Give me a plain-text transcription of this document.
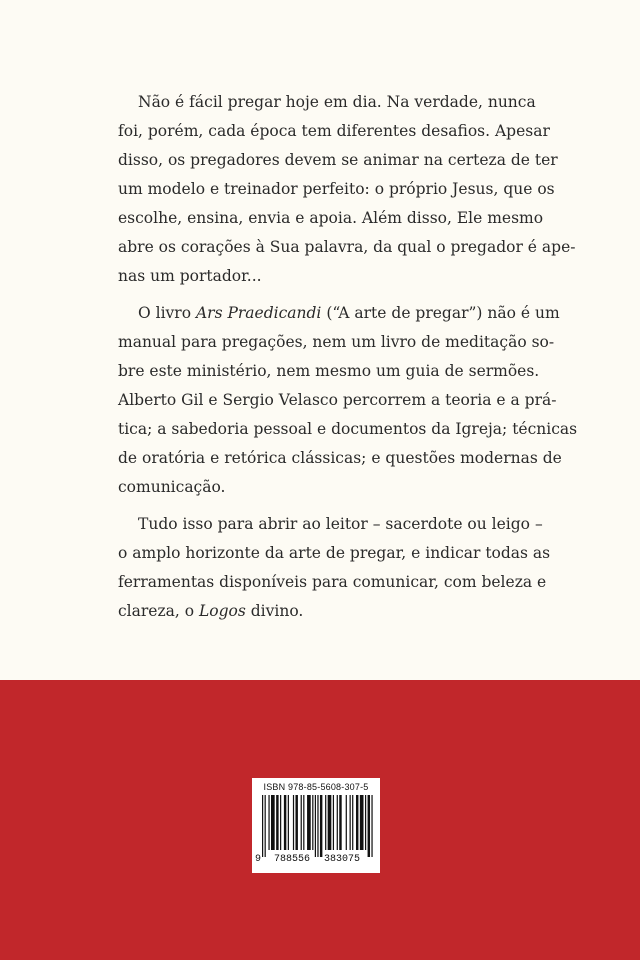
Não é fácil pregar hoje em dia. Na verdade, nunca
foi, porém, cada época tem diferentes desafios. Apesar
disso, os pregadores devem se animar na certeza de ter
um modelo e treinador perfeito: o próprio Jesus, que os
escolhe, ensina, envia e apoia. Além disso, Ele mesmo
abre os corações à Sua palavra, da qual o pregador é ape-
nas um portador...
O livro Ars Praedicandi (“A arte de pregar”) não é um
manual para pregações, nem um livro de meditação so-
bre este ministério, nem mesmo um guia de sermões.
Alberto Gil e Sergio Velasco percorrem a teoria e a prá-
tica; a sabedoria pessoal e documentos da Igreja; técnicas
de oratória e retórica clássicas; e questões modernas de
comunicação.
Tudo isso para abrir ao leitor – sacerdote ou leigo –
o amplo horizonte da arte de pregar, e indicar todas as
ferramentas disponíveis para comunicar, com beleza e
clareza, o Logos divino.
ISBN 978-85-5608-307-5
9 788556 383075
